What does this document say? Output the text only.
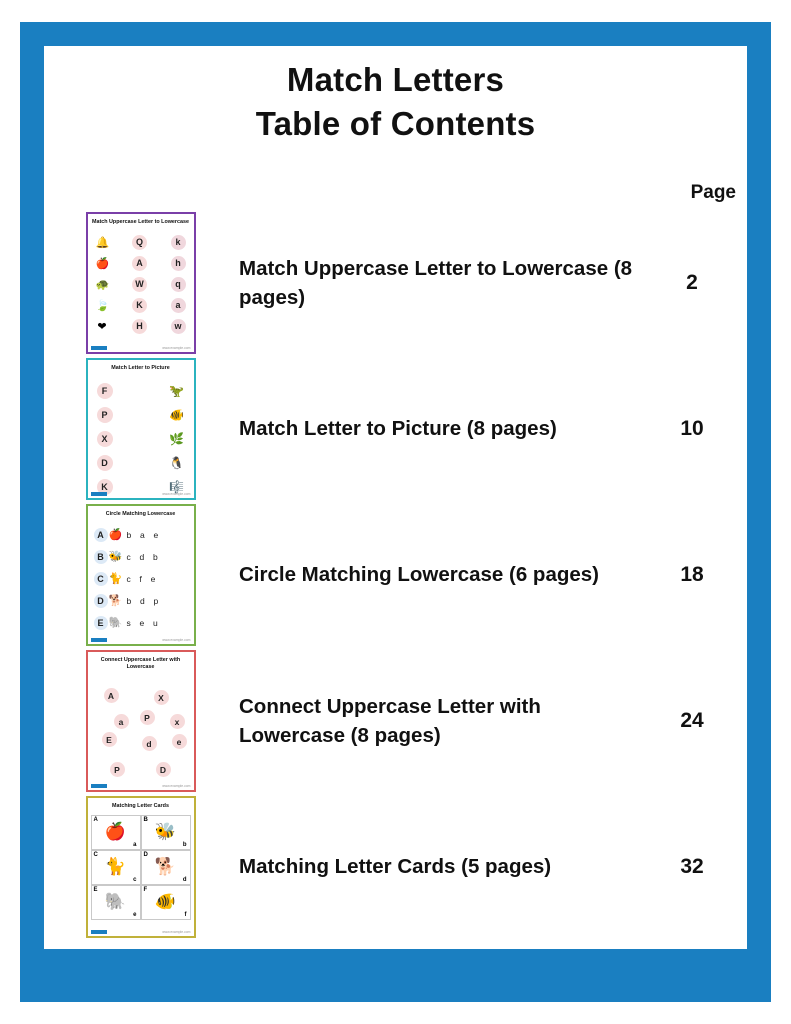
Match Letters
Table of Contents
Page
Match Uppercase Letter to Lowercase
🔔	Q	k
🍎	A	h
🐢	W	q
🍃	K	a
❤	H	w
www.example.com
Match Uppercase Letter to Lowercase (8 pages)
2
Match Letter to Picture
F	🦖
P	🐠
X	🌿
D	🐧
K	🎼
www.example.com
Match Letter to Picture (8 pages)	10
Circle Matching Lowercase
A 🍎 b a e
B 🐝 c d b
C 🐈 c f e
D 🐕 b d p
E 🐘 s e u
www.example.com
Circle Matching Lowercase (6 pages)	18
Connect Uppercase Letter with Lowercase
A	X
a	P	x
E	e
d
P	D
www.example.com
Connect Uppercase Letter with Lowercase (8 pages)
24
Matching Letter Cards
A
🍎
a
B
🐝
b
C
🐈
c
D
🐕
d
E
🐘
e
F
🐠
f
www.example.com
Matching Letter Cards (5 pages)	32
